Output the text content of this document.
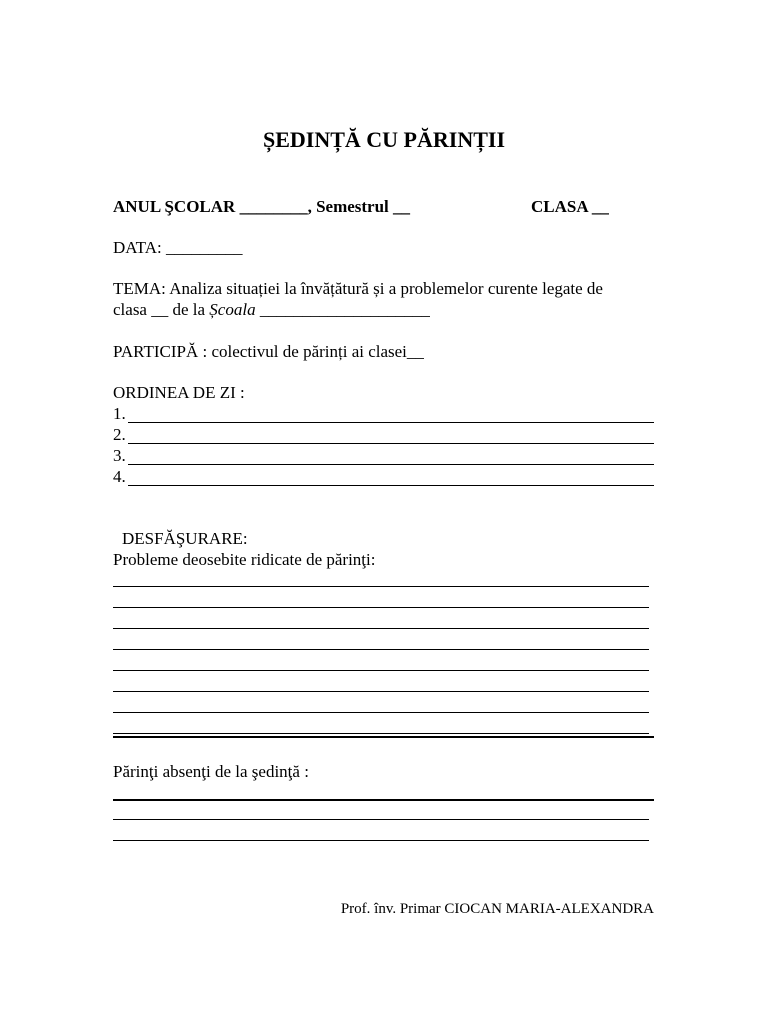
ȘEDINȚĂ CU PĂRINȚII
ANUL ŞCOLAR ________, Semestrul __	CLASA __
DATA: _________
TEMA: Analiza situației la învățătură și a problemelor curente legate de
clasa __ de la Școala ____________________
PARTICIPĂ : colectivul de părinți ai clasei__
ORDINEA DE ZI :
1.
2.
3.
4.
DESFĂŞURARE:
Probleme deosebite ridicate de părinţi:
Părinţi absenţi de la şedinţă :
Prof. înv. Primar CIOCAN MARIA-ALEXANDRA
